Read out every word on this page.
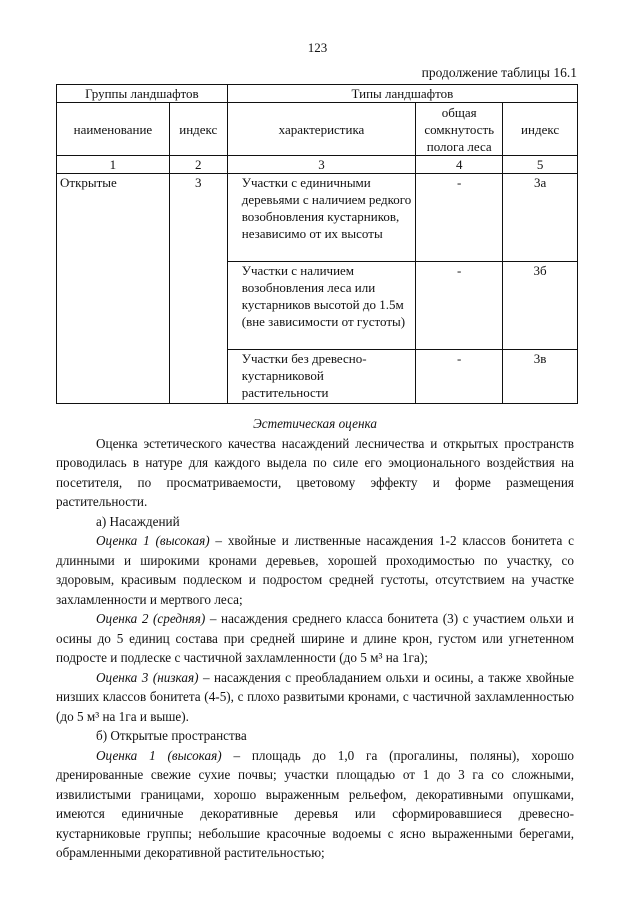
123
продолжение таблицы 16.1
Группы ландшафтов		Типы ландшафтов		
наименование	индекс	характеристика	общая сомкнутость полога леса	индекс
1	2	3	4	5
Открытые	3	Участки с единичными деревьями с наличием редкого возобновления кустарников, независимо от их высоты	-	3а
		Участки с наличием возобновления леса или кустарников высотой до 1.5м (вне зависимости от густоты)	-	3б
		Участки без древесно-кустарниковой растительности	-	3в

Эстетическая оценка

Оценка эстетического качества насаждений лесничества и открытых пространств проводилась в натуре для каждого выдела по силе его эмоционального воздействия на посетителя, по просматриваемости, цветовому эффекту и форме размещения растительности.

а) Насаждений

Оценка 1 (высокая) – хвойные и лиственные насаждения 1-2 классов бонитета с длинными и широкими кронами деревьев, хорошей проходимостью по участку, со здоровым, красивым подлеском и подростом средней густоты, отсутствием на участке захламленности и мертвого леса;

Оценка 2 (средняя) – насаждения среднего класса бонитета (3) с участием ольхи и осины до 5 единиц состава при средней ширине и длине крон, густом или угнетенном подросте и подлеске с частичной захламленности (до 5 м³ на 1га);

Оценка 3 (низкая) – насаждения с преобладанием ольхи и осины, а также хвойные низших классов бонитета (4-5), с плохо развитыми кронами, с частичной захламленностью (до 5 м³ на 1га и выше).

б) Открытые пространства

Оценка 1 (высокая) – площадь до 1,0 га (прогалины, поляны), хорошо дренированные свежие сухие почвы; участки площадью от 1 до 3 га со сложными, извилистыми границами, хорошо выраженным рельефом, декоративными опушками, имеются единичные декоративные деревья или сформировавшиеся древесно-кустарниковые группы; небольшие красочные водоемы с ясно выраженными берегами, обрамленными декоративной растительностью;
